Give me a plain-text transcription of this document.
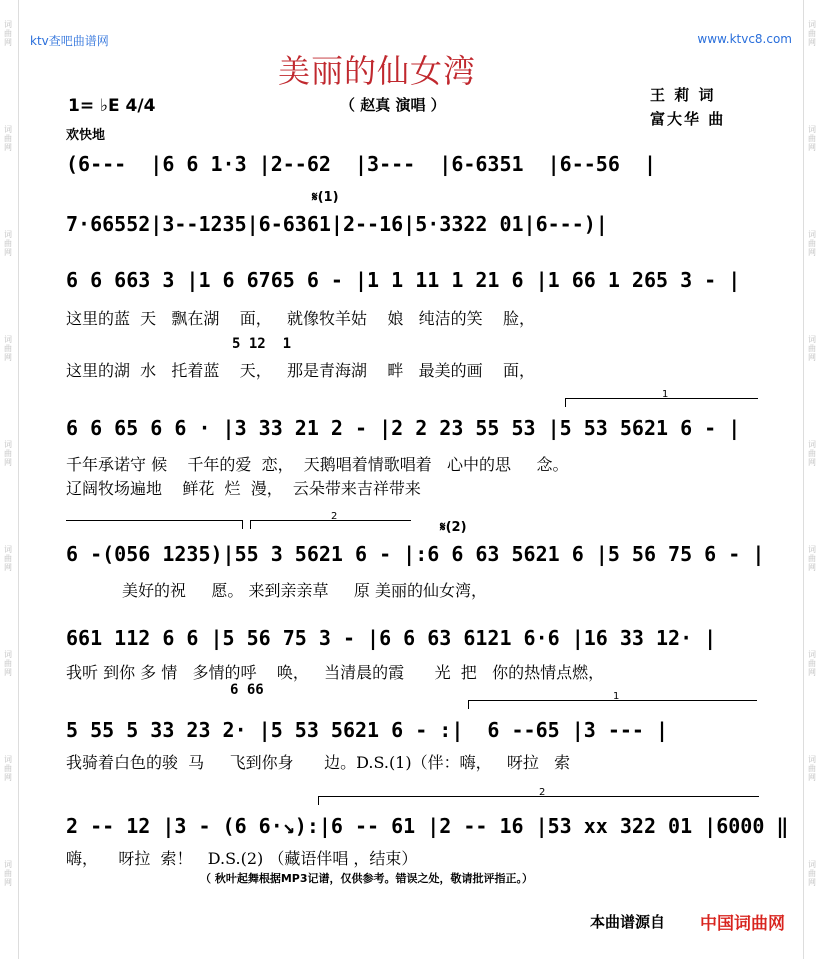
词
曲
网
词
曲
网
词
曲
网
词
曲
网
词
曲
网
词
曲
网
词
曲
网
词
曲
网
词
曲
网
词
曲
网
词
曲
网
词
曲
网
词
曲
网
词
曲
网
词
曲
网
词
曲
网
词
曲
网
词
曲
网
ktv查吧曲谱网	www.ktvc8.com
美丽的仙女湾
（ 赵真 演唱 ）
王 莉 词
富大华 曲
1= ♭E 4/4
欢快地
(6---  |6 6 1·3 |2--62  |3---  |6-6351  |6--56  |
𝄋(1)
7·66552|3--1235|6-6361|2--16|5·3322 01|6---)|
6 6 663 3 |1 6 6765 6 - |1 1 11 1 21 6 |1 66 1 265 3 - |
这里的蓝  天   飘在湖    面，   就像牧羊姑    娘   纯洁的笑    脸，
5 12  1
这里的湖  水   托着蓝    天，   那是青海湖    畔   最美的画    面，
1
6 6 65 6 6 · |3 33 21 2 - |2 2 23 55 53 |5 53 5621 6 - |
千年承诺守 候    千年的爱  恋，  天鹅唱着情歌唱着   心中的思     念。
辽阔牧场遍地    鲜花  烂  漫，  云朵带来吉祥带来
2
𝄋(2)
6 -(056 1235)|55 3 5621 6 - |:6 6 63 5621 6 |5 56 75 6 - |
美好的祝     愿。 来到亲亲草     原 美丽的仙女湾，
661 112 6 6 |5 56 75 3 - |6 6 63 6121 6·6 |16 33 12· |
我听 到你 多 情   多情的呼    唤，   当清晨的霞      光  把   你的热情点燃，
6 66	1
5 55 5 33 23 2· |5 53 5621 6 - :|  6 --65 |3 --- |
我骑着白色的骏  马     飞到你身      边。D.S.(1)（伴：嗨，   呀拉   索
2
2 -- 12 |3 - (6 6·↘):|6 -- 61 |2 -- 16 |53 xx 322 01 |6000 ‖
嗨，    呀拉  索！   D.S.(2) （藏语伴唱 ，结束）
（ 秋叶起舞根据MP3记谱，仅供参考。错误之处，敬请批评指正。）
本曲谱源自 中国词曲网
